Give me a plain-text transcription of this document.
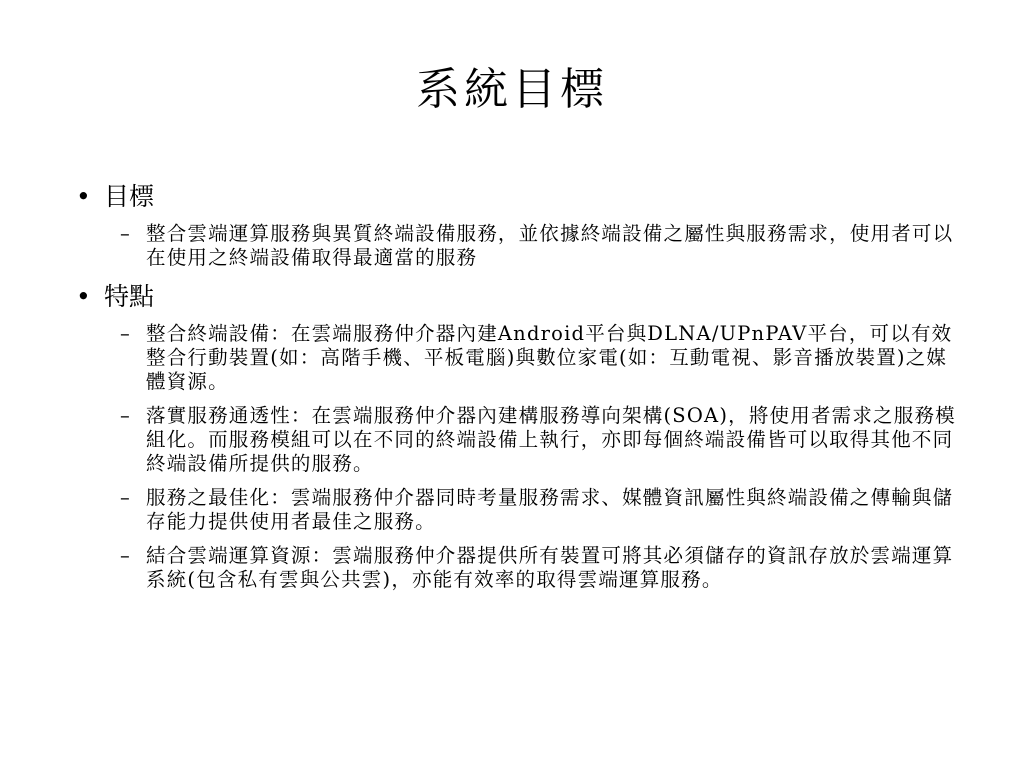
系統目標
• 目標
– 整合雲端運算服務與異質終端設備服務，並依據終端設備之屬性與服務需求，使用者可以在使用之終端設備取得最適當的服務
• 特點
– 整合終端設備：在雲端服務仲介器內建Android平台與DLNA/UPnPAV平台，可以有效整合行動裝置(如：高階手機、平板電腦)與數位家電(如：互動電視、影音播放裝置)之媒體資源。
– 落實服務通透性：在雲端服務仲介器內建構服務導向架構(SOA)，將使用者需求之服務模組化。而服務模組可以在不同的終端設備上執行，亦即每個終端設備皆可以取得其他不同終端設備所提供的服務。
– 服務之最佳化：雲端服務仲介器同時考量服務需求、媒體資訊屬性與終端設備之傳輸與儲存能力提供使用者最佳之服務。
– 結合雲端運算資源：雲端服務仲介器提供所有裝置可將其必須儲存的資訊存放於雲端運算系統(包含私有雲與公共雲)，亦能有效率的取得雲端運算服務。
